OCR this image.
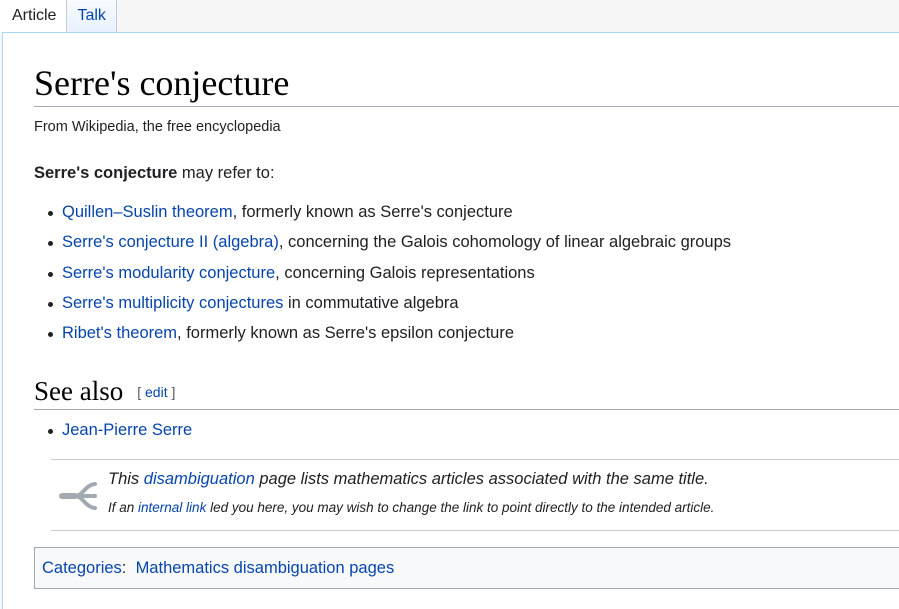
Article	Talk
Serre's conjecture
From Wikipedia, the free encyclopedia
Serre's conjecture may refer to:
Quillen–Suslin theorem, formerly known as Serre's conjecture
Serre's conjecture II (algebra), concerning the Galois cohomology of linear algebraic groups
Serre's modularity conjecture, concerning Galois representations
Serre's multiplicity conjectures in commutative algebra
Ribet's theorem, formerly known as Serre's epsilon conjecture
See also [ edit ]
Jean-Pierre Serre
This disambiguation page lists mathematics articles associated with the same title.
If an internal link led you here, you may wish to change the link to point directly to the intended article.
Categories: Mathematics disambiguation pages
